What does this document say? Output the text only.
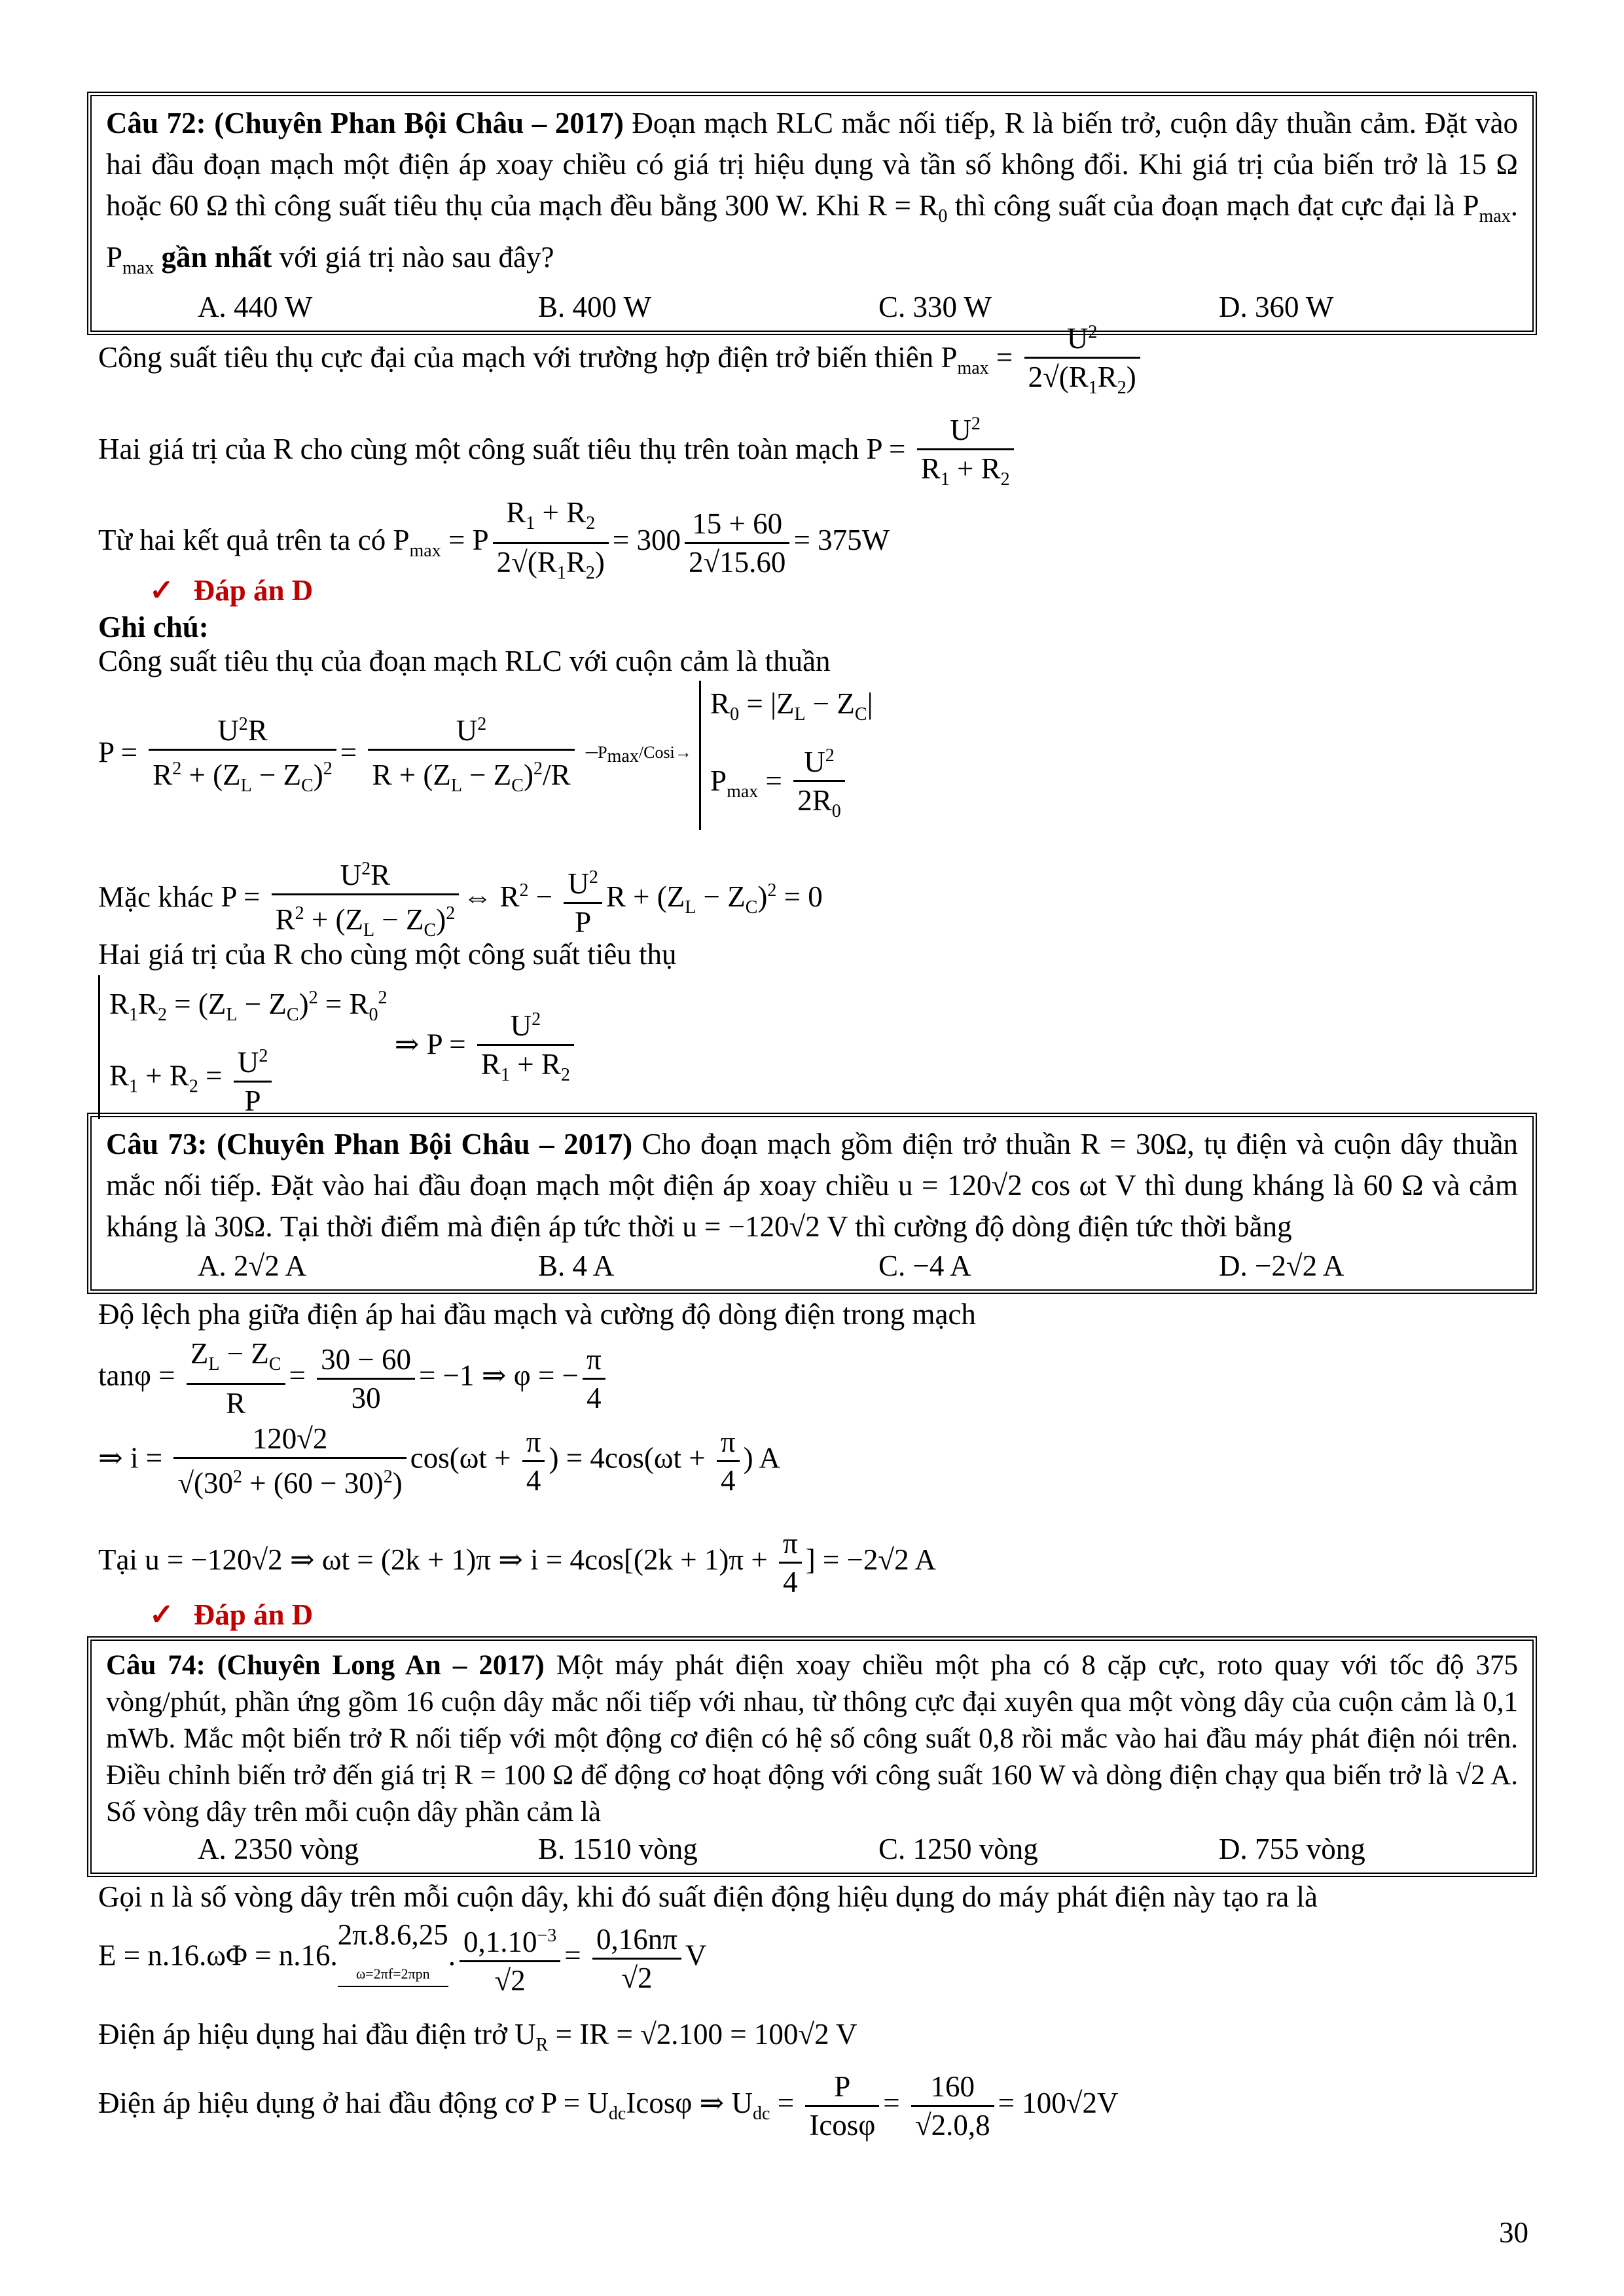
Câu 72: (Chuyên Phan Bội Châu – 2017) Đoạn mạch RLC mắc nối tiếp, R là biến trở, cuộn dây thuần cảm. Đặt vào hai đầu đoạn mạch một điện áp xoay chiều có giá trị hiệu dụng và tần số không đổi. Khi giá trị của biến trở là 15 Ω hoặc 60 Ω thì công suất tiêu thụ của mạch đều bằng 300 W. Khi $R = R_0$ thì công suất của đoạn mạch đạt cực đại là $P_{max}$. $P_{max}$ gần nhất với giá trị nào sau đây?
A. 440 W	B. 400 W	C. 330 W	D. 360 W
Công suất tiêu thụ cực đại của mạch với trường hợp điện trở biến thiên $P_{max} = \frac{U^2}{2√(R_1R_2)}$
Hai giá trị của R cho cùng một công suất tiêu thụ trên toàn mạch $P = \frac{U^2}{R_1 + R_2}$
Từ hai kết quả trên ta có $P_{max} = P \frac{R_1 + R_2}{2√(R_1R_2)} = 300 \frac{15 + 60}{2√15.60} = 375W$
✓ Đáp án D
Ghi chú:
Công suất tiêu thụ của đoạn mạch RLC với cuộn cảm là thuần
$P = \frac{U^2R}{R^2 + (Z_L - Z_C)^2} = \frac{U^2}{R + (Z_L - Z_C)^2/R}$ $─P_{max}/Cosi\to R_0 = |Z_L - Z_C|$
$P_{max} = \frac{U^2}{2R_0}$
Mặc khác $P = \frac{U^2R}{R^2 + (Z_L - Z_C)^2}$ ⇔ $R^2 - \frac{U^2}{P}$ $R + (Z_L - Z_C)^2 = 0$
Hai giá trị của R cho cùng một công suất tiêu thụ
$R_1R_2 = (Z_L - Z_C)^2 = R_0^2$
$R_1 + R_2 = \frac{U^2}{P}$	⇒ $P = \frac{U^2}{R_1 + R_2}$
Câu 73: (Chuyên Phan Bội Châu – 2017) Cho đoạn mạch gồm điện trở thuần R = 30Ω, tụ điện và cuộn dây thuần mắc nối tiếp. Đặt vào hai đầu đoạn mạch một điện áp xoay chiều u = 120√2 cos ωt V thì dung kháng là 60 Ω và cảm kháng là 30Ω. Tại thời điểm mà điện áp tức thời u = −120√2 V thì cường độ dòng điện tức thời bằng
A. 2√2 A	B. 4 A	C. −4 A	D. −2√2 A
Độ lệch pha giữa điện áp hai đầu mạch và cường độ dòng điện trong mạch
$\tan\varphi = \frac{Z_L - Z_C}{R} = \frac{30 - 60}{30} = -1$ ⇒ φ = − $\frac{\pi}{4}$
⇒ $i = \frac{120√2}{√(30^2 + (60 - 30)^2)} \cos(\omega t + \frac{\pi}{4}$ ) = $4\cos(\omega t + \frac{\pi}{4}$ ) A
Tại u = −120√2 ⇒ ωt = (2k + 1)π ⇒ $i = 4\cos[(2k + 1)\pi + \frac{\pi}{4}$ ] = −2√2 A
✓ Đáp án D
Câu 74: (Chuyên Long An – 2017) Một máy phát điện xoay chiều một pha có 8 cặp cực, roto quay với tốc độ 375 vòng/phút, phần ứng gồm 16 cuộn dây mắc nối tiếp với nhau, từ thông cực đại xuyên qua một vòng dây của cuộn cảm là 0,1 mWb. Mắc một biến trở R nối tiếp với một động cơ điện có hệ số công suất 0,8 rồi mắc vào hai đầu máy phát điện nói trên. Điều chỉnh biến trở đến giá trị R = 100 Ω để động cơ hoạt động với công suất 160 W và dòng điện chạy qua biến trở là √2 A. Số vòng dây trên mỗi cuộn dây phần cảm là
A. 2350 vòng	B. 1510 vòng	C. 1250 vòng	D. 755 vòng
Gọi n là số vòng dây trên mỗi cuộn dây, khi đó suất điện động hiệu dụng do máy phát điện này tạo ra là
E = n.16.ωΦ = n.16.2π.8.6,25
ω=2πf=2πpn. $\frac{0,1.10^{-3}}{√2} = \frac{0,16n\pi}{√2}$ V
Điện áp hiệu dụng hai đầu điện trở $U_R$ = IR = √2.100 = 100√2 V
Điện áp hiệu dụng ở hai đầu động cơ $P = U_{dc}Icos\varphi$ ⇒ $U_{dc} = \frac{P}{Icos\varphi} = \frac{160}{√2.0,8} = 100√2V$
30
